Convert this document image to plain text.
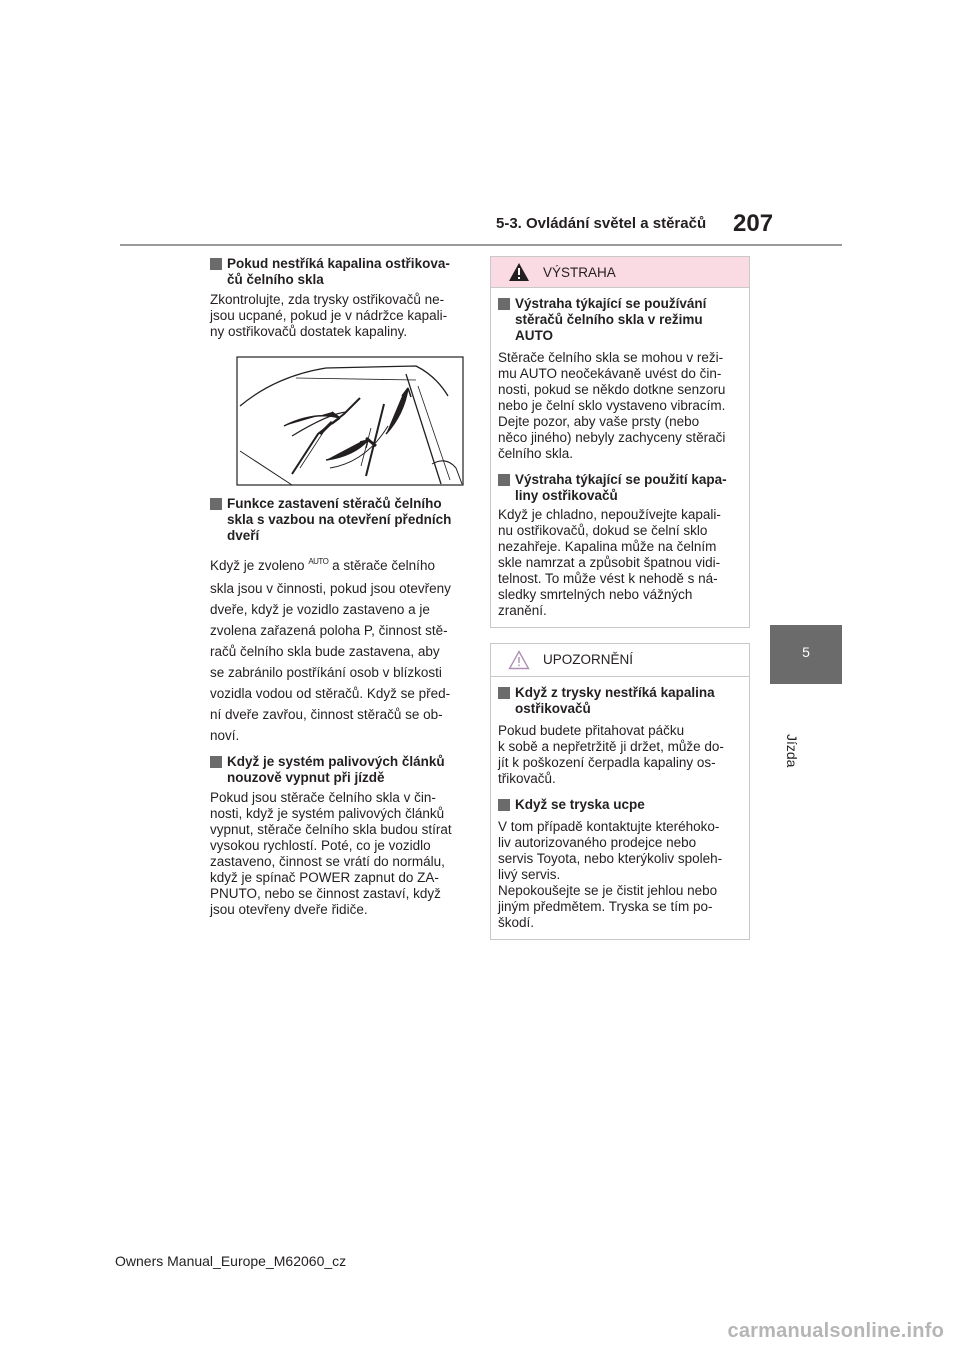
5-3. Ovládání světel a stěračů 207
5
Jízda
Pokud nestříká kapalina ostřikova-
čů čelního skla
Zkontrolujte, zda trysky ostřikovačů ne-
jsou ucpané, pokud je v nádržce kapali-
ny ostřikovačů dostatek kapaliny.
Funkce zastavení stěračů čelního
skla s vazbou na otevření předních
dveří
Když je zvoleno $^{AUTO}$ a stěrače čelního
skla jsou v činnosti, pokud jsou otevřeny
dveře, když je vozidlo zastaveno a je
zvolena zařazená poloha P, činnost stě-
račů čelního skla bude zastavena, aby
se zabránilo postříkání osob v blízkosti
vozidla vodou od stěračů. Když se před-
ní dveře zavřou, činnost stěračů se ob-
noví.
Když je systém palivových článků
nouzově vypnut při jízdě
Pokud jsou stěrače čelního skla v čin-
nosti, když je systém palivových článků
vypnut, stěrače čelního skla budou stírat
vysokou rychlostí. Poté, co je vozidlo
zastaveno, činnost se vrátí do normálu,
když je spínač POWER zapnut do ZA-
PNUTO, nebo se činnost zastaví, když
jsou otevřeny dveře řidiče.
VÝSTRAHA
Výstraha týkající se používání
stěračů čelního skla v režimu
AUTO
Stěrače čelního skla se mohou v reži-
mu AUTO neočekávaně uvést do čin-
nosti, pokud se někdo dotkne senzoru
nebo je čelní sklo vystaveno vibracím.
Dejte pozor, aby vaše prsty (nebo
něco jiného) nebyly zachyceny stěrači
čelního skla.
Výstraha týkající se použití kapa-
liny ostřikovačů
Když je chladno, nepoužívejte kapali-
nu ostřikovačů, dokud se čelní sklo
nezahřeje. Kapalina může na čelním
skle namrzat a způsobit špatnou vidi-
telnost. To může vést k nehodě s ná-
sledky smrtelných nebo vážných
zranění.
UPOZORNĚNÍ
Když z trysky nestříká kapalina
ostřikovačů
Pokud budete přitahovat páčku
k sobě a nepřetržitě ji držet, může do-
jít k poškození čerpadla kapaliny os-
třikovačů.
Když se tryska ucpe
V tom případě kontaktujte kteréhoko-
liv autorizovaného prodejce nebo
servis Toyota, nebo kterýkoliv spoleh-
livý servis.
Nepokoušejte se je čistit jehlou nebo
jiným předmětem. Tryska se tím po-
škodí.
Owners Manual_Europe_M62060_cz
carmanualsonline.info
